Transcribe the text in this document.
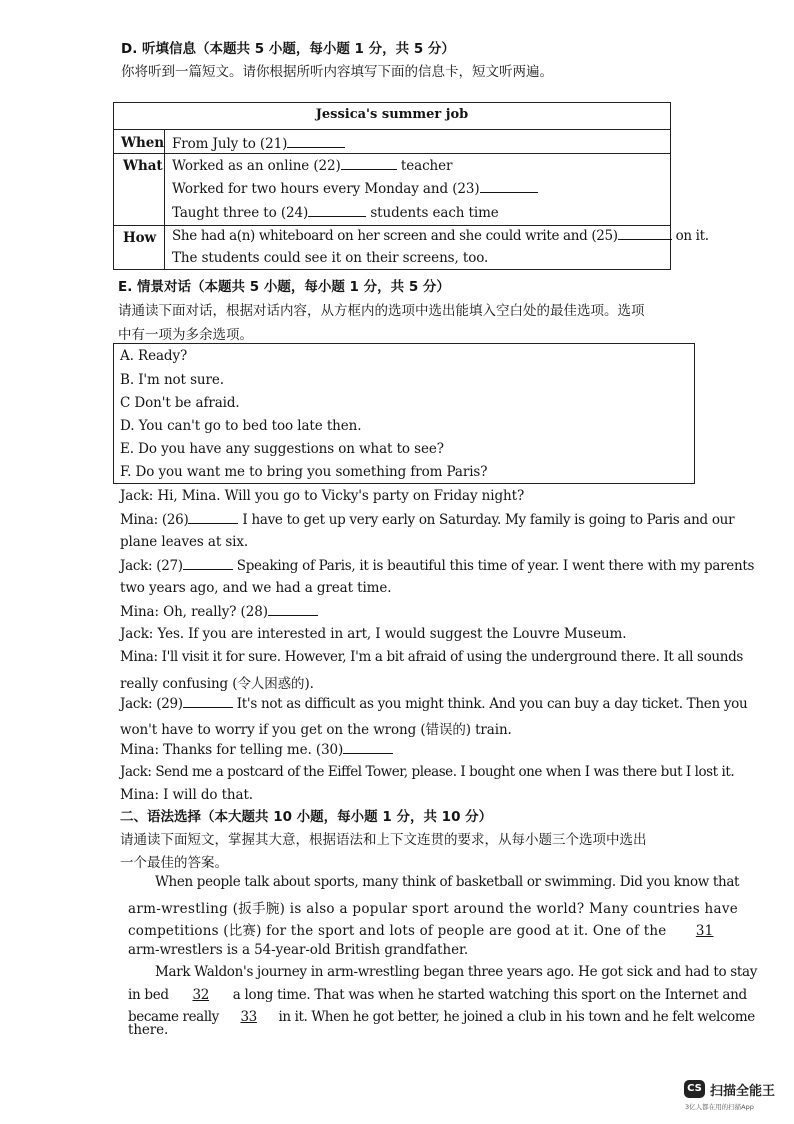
D. 听填信息（本题共 5 小题，每小题 1 分，共 5 分）
你将听到一篇短文。请你根据所听内容填写下面的信息卡，短文听两遍。
Jessica's summer job
When From July to (21)
What Worked as an online (22)	teacher
Worked for two hours every Monday and (23)
Taught three to (24)	students each time
How She had a(n) whiteboard on her screen and she could write and (25)	on it.
The students could see it on their screens, too.
E. 情景对话（本题共 5 小题，每小题 1 分，共 5 分）
请通读下面对话，根据对话内容，从方框内的选项中选出能填入空白处的最佳选项。选项
中有一项为多余选项。
A. Ready?
B. I'm not sure.
C Don't be afraid.
D. You can't go to bed too late then.
E. Do you have any suggestions on what to see?
F. Do you want me to bring you something from Paris?
Jack: Hi, Mina. Will you go to Vicky's party on Friday night?
Mina: (26)	I have to get up very early on Saturday. My family is going to Paris and our
plane leaves at six.
Jack: (27)	Speaking of Paris, it is beautiful this time of year. I went there with my parents
two years ago, and we had a great time.
Mina: Oh, really? (28)
Jack: Yes. If you are interested in art, I would suggest the Louvre Museum.
Mina: I'll visit it for sure. However, I'm a bit afraid of using the underground there. It all sounds
really confusing (令人困惑的).
Jack: (29)	It's not as difficult as you might think. And you can buy a day ticket. Then you
won't have to worry if you get on the wrong (错误的) train.
Mina: Thanks for telling me. (30)
Jack: Send me a postcard of the Eiffel Tower, please. I bought one when I was there but I lost it.
Mina: I will do that.
二、语法选择（本大题共 10 小题，每小题 1 分，共 10 分）
请通读下面短文，掌握其大意，根据语法和上下文连贯的要求，从每小题三个选项中选出
一个最佳的答案。
When people talk about sports, many think of basketball or swimming. Did you know that
arm-wrestling (扳手腕) is also a popular sport around the world? Many countries have
competitions (比赛) for the sport and lots of people are good at it. One of the 31
arm-wrestlers is a 54-year-old British grandfather.
Mark Waldon's journey in arm-wrestling began three years ago. He got sick and had to stay
in bed 32 a long time. That was when he started watching this sport on the Internet and
became really 33 in it. When he got better, he joined a club in his town and he felt welcome
there.
CS 扫描全能王
3亿人都在用的扫描App
